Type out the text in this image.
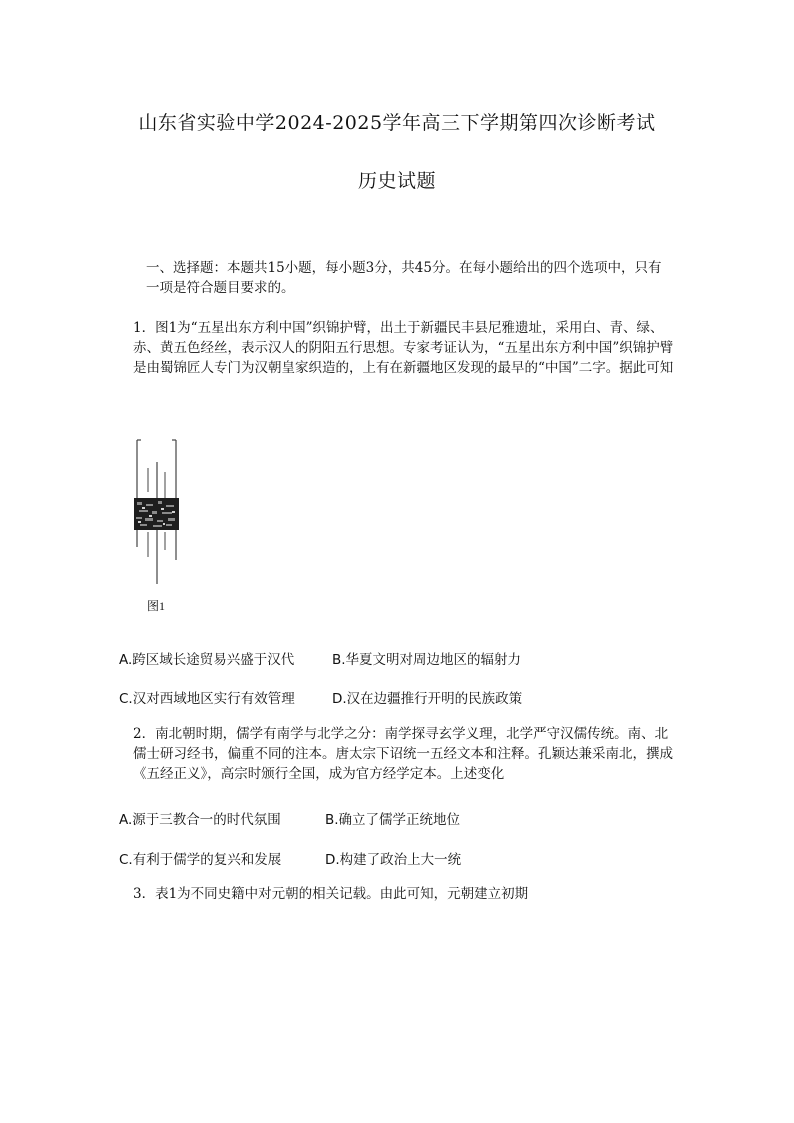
山东省实验中学2024-2025学年高三下学期第四次诊断考试
历史试题
一、选择题：本题共15小题，每小题3分，共45分。在每小题给出的四个选项中，只有一项是符合题目要求的。
1．图1为“五星出东方利中国”织锦护臂，出土于新疆民丰县尼雅遗址，采用白、青、绿、赤、黄五色经丝，表示汉人的阴阳五行思想。专家考证认为，“五星出东方利中国”织锦护臂是由蜀锦匠人专门为汉朝皇家织造的，上有在新疆地区发现的最早的“中国”二字。据此可知
图1
A.跨区域长途贸易兴盛于汉代	B.华夏文明对周边地区的辐射力
C.汉对西域地区实行有效管理	D.汉在边疆推行开明的民族政策
2．南北朝时期，儒学有南学与北学之分：南学探寻玄学义理，北学严守汉儒传统。南、北儒士研习经书，偏重不同的注本。唐太宗下诏统一五经文本和注释。孔颖达兼采南北，撰成《五经正义》，高宗时颁行全国，成为官方经学定本。上述变化
A.源于三教合一的时代氛围	B.确立了儒学正统地位
C.有利于儒学的复兴和发展	D.构建了政治上大一统
3．表1为不同史籍中对元朝的相关记载。由此可知，元朝建立初期
